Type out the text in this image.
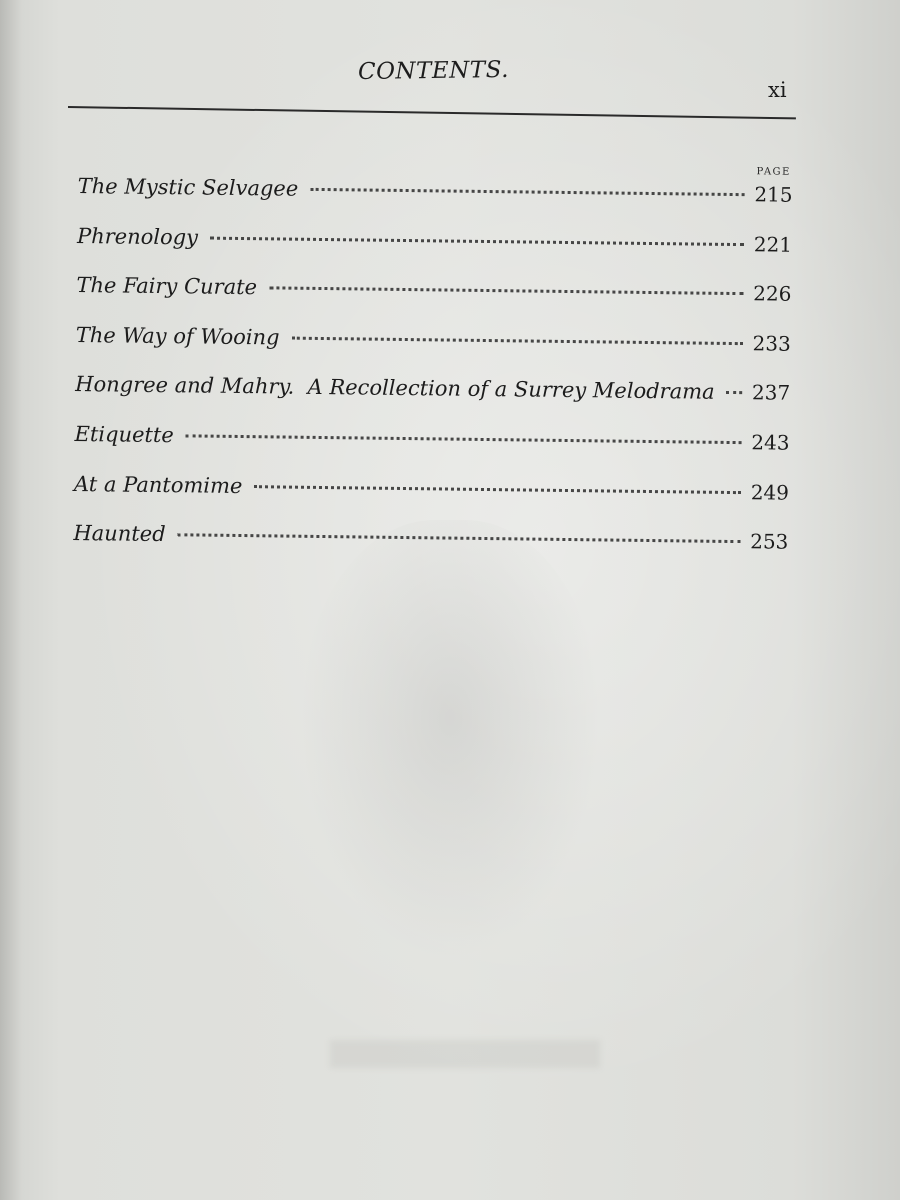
CONTENTS.
xi
PAGE
The Mystic Selvagee	215
Phrenology	221
The Fairy Curate	226
The Way of Wooing	233
Hongree and Mahry.  A Recollection of a Surrey Melodrama 237
Etiquette	243
At a Pantomime	249
Haunted	253
